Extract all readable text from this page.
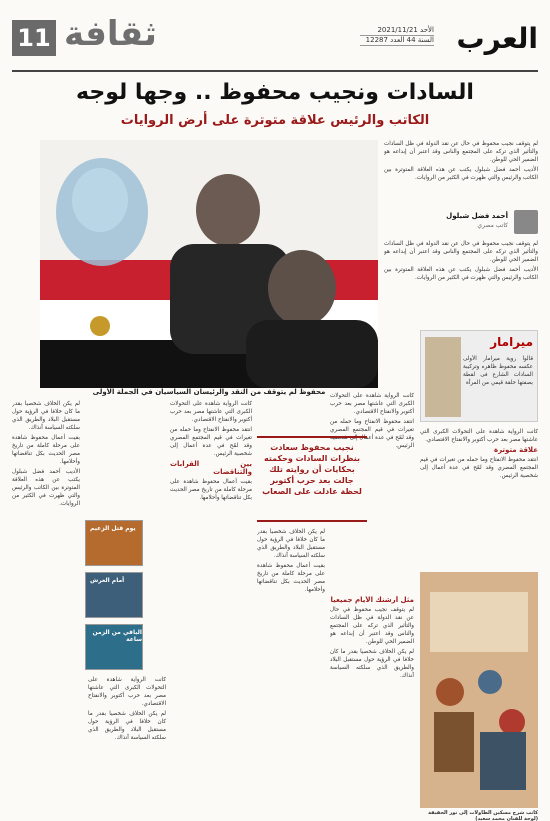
11 ثقافة	الأحد 2021/11/21
السنة 44 العدد 12287 العرب
السادات ونجيب محفوظ .. وجها لوجه
الكاتب والرئيس علاقة متوترة على أرض الروايات
محفوظ لم يتوقف من النقد والرئيسان السياسيان في الجملة الأولى
أحمد فضل شبلول
كاتب مصري

لم يتوقف نجيب محفوظ في حال عن نقد الدولة في ظل السادات والتأثير الذي تركه على المجتمع والناس وقد اعتبر أن إبداعه هو الضمير الحي للوطن.

الأديب أحمد فضل شبلول يكتب عن هذه العلاقة المتوترة بين الكاتب والرئيس والتي ظهرت في الكثير من الروايات.

لم يتوقف نجيب محفوظ في حال عن نقد الدولة في ظل السادات والتأثير الذي تركه على المجتمع والناس وقد اعتبر أن إبداعه هو الضمير الحي للوطن.

الأديب أحمد فضل شبلول يكتب عن هذه العلاقة المتوترة بين الكاتب والرئيس والتي ظهرت في الكثير من الروايات.

ميرامار
قالوا روية ميرامار الأولى عكسه محفوظ ظاهره وتركيبة السادات الشارع فى لقطة بصفتها حلقة قيمي من المرآة

كانت الرواية شاهدة على التحولات الكبرى التي عاشتها مصر بعد حرب أكتوبر والانفتاح الاقتصادي.

علاقة متوترة

انتقد محفوظ الانفتاح وما حمله من تغيرات في قيم المجتمع المصري وقد لمّح في عدة أعمال إلى شخصية الرئيس.

كانت الرواية شاهدة على التحولات الكبرى التي عاشتها مصر بعد حرب أكتوبر والانفتاح الاقتصادي.

انتقد محفوظ الانفتاح وما حمله من تغيرات في قيم المجتمع المصري وقد لمّح في عدة أعمال إلى شخصية الرئيس.

مثل أرشنك الأيام جميعيا

لم يتوقف نجيب محفوظ في حال عن نقد الدولة في ظل السادات والتأثير الذي تركه على المجتمع والناس وقد اعتبر أن إبداعه هو الضمير الحي للوطن.

لم يكن الخلاف شخصيا بقدر ما كان خلافا في الرؤية حول مستقبل البلاد والطريق الذي سلكته السياسة آنذاك.

نجيب محفوظ سعادت بنظرات السادات وحكمته بحكايات أن روايته تلك جالت بعد حرب أكتوبر لحظة عادلت على الصعاب

لم يكن الخلاف شخصيا بقدر ما كان خلافا في الرؤية حول مستقبل البلاد والطريق الذي سلكته السياسة آنذاك.

بقيت أعمال محفوظ شاهدة على مرحلة كاملة من تاريخ مصر الحديث بكل تناقضاتها وأحلامها.

كانت الرواية شاهدة على التحولات الكبرى التي عاشتها مصر بعد حرب أكتوبر والانفتاح الاقتصادي.

انتقد محفوظ الانفتاح وما حمله من تغيرات في قيم المجتمع المصري وقد لمّح في عدة أعمال إلى شخصية الرئيس.

بين القرابات والتناقضات

بقيت أعمال محفوظ شاهدة على مرحلة كاملة من تاريخ مصر الحديث بكل تناقضاتها وأحلامها.

يوم قتل الزعيم
أمام العرش
الباقي من الزمن ساعة

لم يكن الخلاف شخصيا بقدر ما كان خلافا في الرؤية حول مستقبل البلاد والطريق الذي سلكته السياسة آنذاك.

بقيت أعمال محفوظ شاهدة على مرحلة كاملة من تاريخ مصر الحديث بكل تناقضاتها وأحلامها.

الأديب أحمد فضل شبلول يكتب عن هذه العلاقة المتوترة بين الكاتب والرئيس والتي ظهرت في الكثير من الروايات.

كانت الرواية شاهدة على التحولات الكبرى التي عاشتها مصر بعد حرب أكتوبر والانفتاح الاقتصادي.

لم يكن الخلاف شخصيا بقدر ما كان خلافا في الرؤية حول مستقبل البلاد والطريق الذي سلكته السياسة آنذاك.

كاتب شرح مسكين الطاولات إلى نور الحقيقة (لوحة للفنان محمد سعيد)
